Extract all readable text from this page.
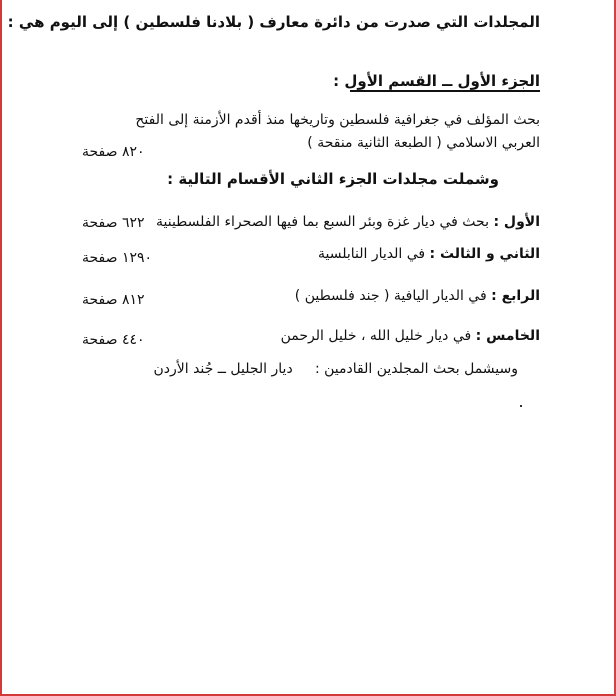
المجلدات التي صدرت من دائرة معارف ( بلادنا فلسطين ) إلى اليوم هي :
الجزء الأول ــ القسم الأول :
بحث المؤلف في جغرافية فلسطين وتاريخها منذ أقدم الأزمنة إلى الفتح
العربي الاسلامي ( الطبعة الثانية منقحة )
٨٢٠ صفحة
وشملت مجلدات الجزء الثاني الأقسام التالية :
الأول : بحث في ديار غزة وبئر السبع بما فيها الصحراء الفلسطينية
٦٢٢ صفحة
الثاني و الثالث : في الديار النابلسية
١٢٩٠ صفحة
الرابع : في الديار اليافية ( جند فلسطين )
٨١٢ صفحة
الخامس : في ديار خليل الله ، خليل الرحمن
٤٤٠ صفحة
وسيشمل بحث المجلدين القادمين :     ديار الجليل ــ جُند الأردن
